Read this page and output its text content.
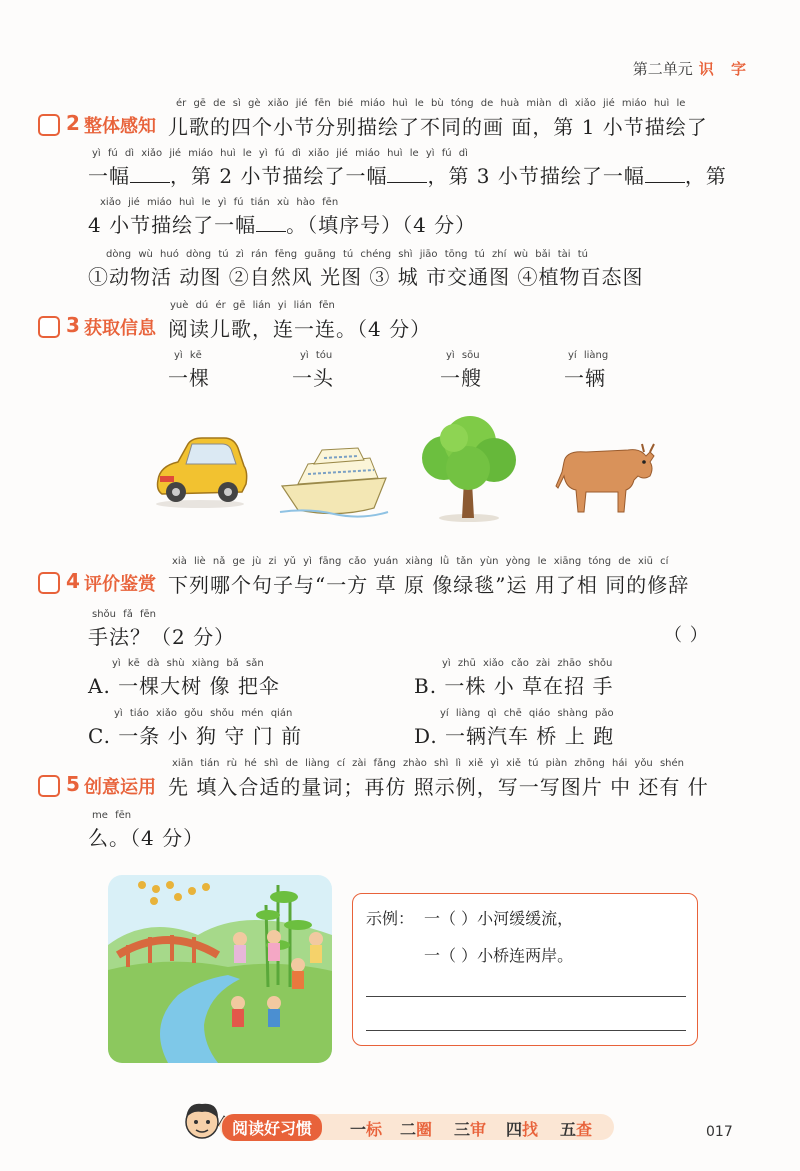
第二单元 识 字
2 整体感知
ér gē de sì gè xiǎo jié fēn bié miáo huì le bù tóng de huà miàn dì xiǎo jié miáo huì le
儿歌的四个小节分别描绘了不同的画 面，第 1 小节描绘了
yì fú dì xiǎo jié miáo huì le yì fú dì xiǎo jié miáo huì le yì fú dì
一幅 ，第 2 小节描绘了一幅 ，第 3 小节描绘了一幅 ，第
xiǎo jié miáo huì le yì fú tián xù hào fēn
4 小节描绘了一幅 。（填序号）（4 分）
dòng wù huó dòng tú zì rán fēng guāng tú chéng shì jiāo tōng tú zhí wù bǎi tài tú
①动物活 动图 ②自然风 光图 ③ 城 市交通图 ④植物百态图
3 获取信息
yuè dú ér gē lián yi lián fēn
阅读儿歌，连一连。（4 分）
yì kē
一棵
yì tóu
一头
yì sōu
一艘
yí liàng
一辆
4 评价鉴赏
xià liè nǎ ge jù zi yǔ yì fāng cǎo yuán xiàng lǜ tǎn yùn yòng le xiāng tóng de xiū cí
下列哪个句子与“一方 草 原 像绿毯”运 用了相 同的修辞
shǒu fǎ fēn
手法？（2 分）	（ ）
yì kē dà shù xiàng bǎ sǎn
A. 一棵大树 像 把伞
yì zhū xiǎo cǎo zài zhāo shǒu
B. 一株 小 草在招 手
yì tiáo xiǎo gǒu shǒu mén qián
C. 一条 小 狗 守 门 前
yí liàng qì chē qiáo shàng pǎo
D. 一辆汽车 桥 上 跑
5 创意运用
xiān tián rù hé shì de liàng cí zài fǎng zhào shì lì xiě yì xiě tú piàn zhōng hái yǒu shén
先 填入合适的量词；再仿 照示例，写一写图片 中 还有 什
me fēn
么。（4 分）
示例： 一（ ）小河缓缓流，
一（ ）小桥连两岸。
阅读好习惯	一标 二圈 三审 四找 五查	017
